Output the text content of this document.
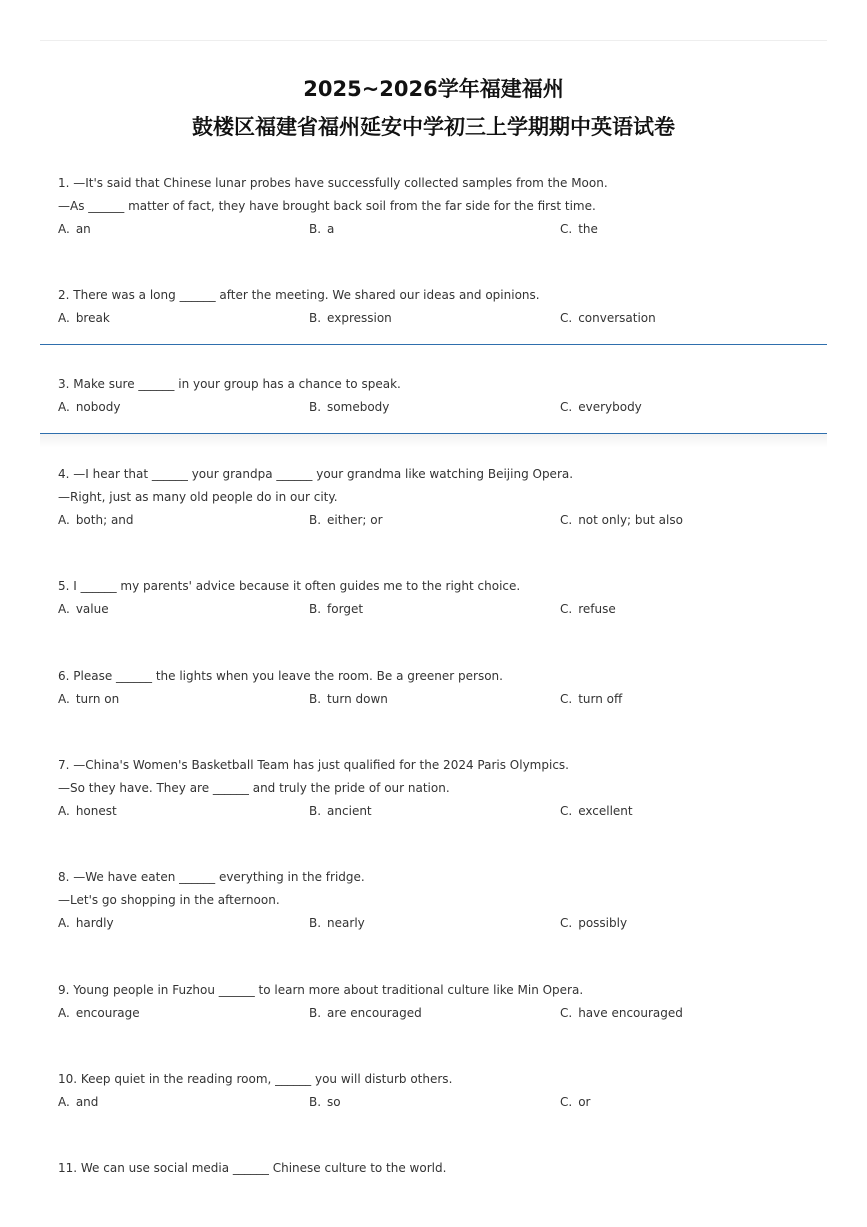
2025~2026学年福建福州
鼓楼区福建省福州延安中学初三上学期期中英语试卷
1. —It's said that Chinese lunar probes have successfully collected samples from the Moon.
—As ______ matter of fact, they have brought back soil from the far side for the first time.
A. an	B. a	C. the
2. There was a long ______ after the meeting. We shared our ideas and opinions.
A. break	B. expression	C. conversation
3. Make sure ______ in your group has a chance to speak.
A. nobody	B. somebody	C. everybody
4. —I hear that ______ your grandpa ______ your grandma like watching Beijing Opera.
—Right, just as many old people do in our city.
A. both; and	B. either; or	C. not only; but also
5. I ______ my parents' advice because it often guides me to the right choice.
A. value	B. forget	C. refuse
6. Please ______ the lights when you leave the room. Be a greener person.
A. turn on	B. turn down	C. turn off
7. —China's Women's Basketball Team has just qualified for the 2024 Paris Olympics.
—So they have. They are ______ and truly the pride of our nation.
A. honest	B. ancient	C. excellent
8. —We have eaten ______ everything in the fridge.
—Let's go shopping in the afternoon.
A. hardly	B. nearly	C. possibly
9. Young people in Fuzhou ______ to learn more about traditional culture like Min Opera.
A. encourage	B. are encouraged	C. have encouraged
10. Keep quiet in the reading room, ______ you will disturb others.
A. and	B. so	C. or
11. We can use social media ______ Chinese culture to the world.
